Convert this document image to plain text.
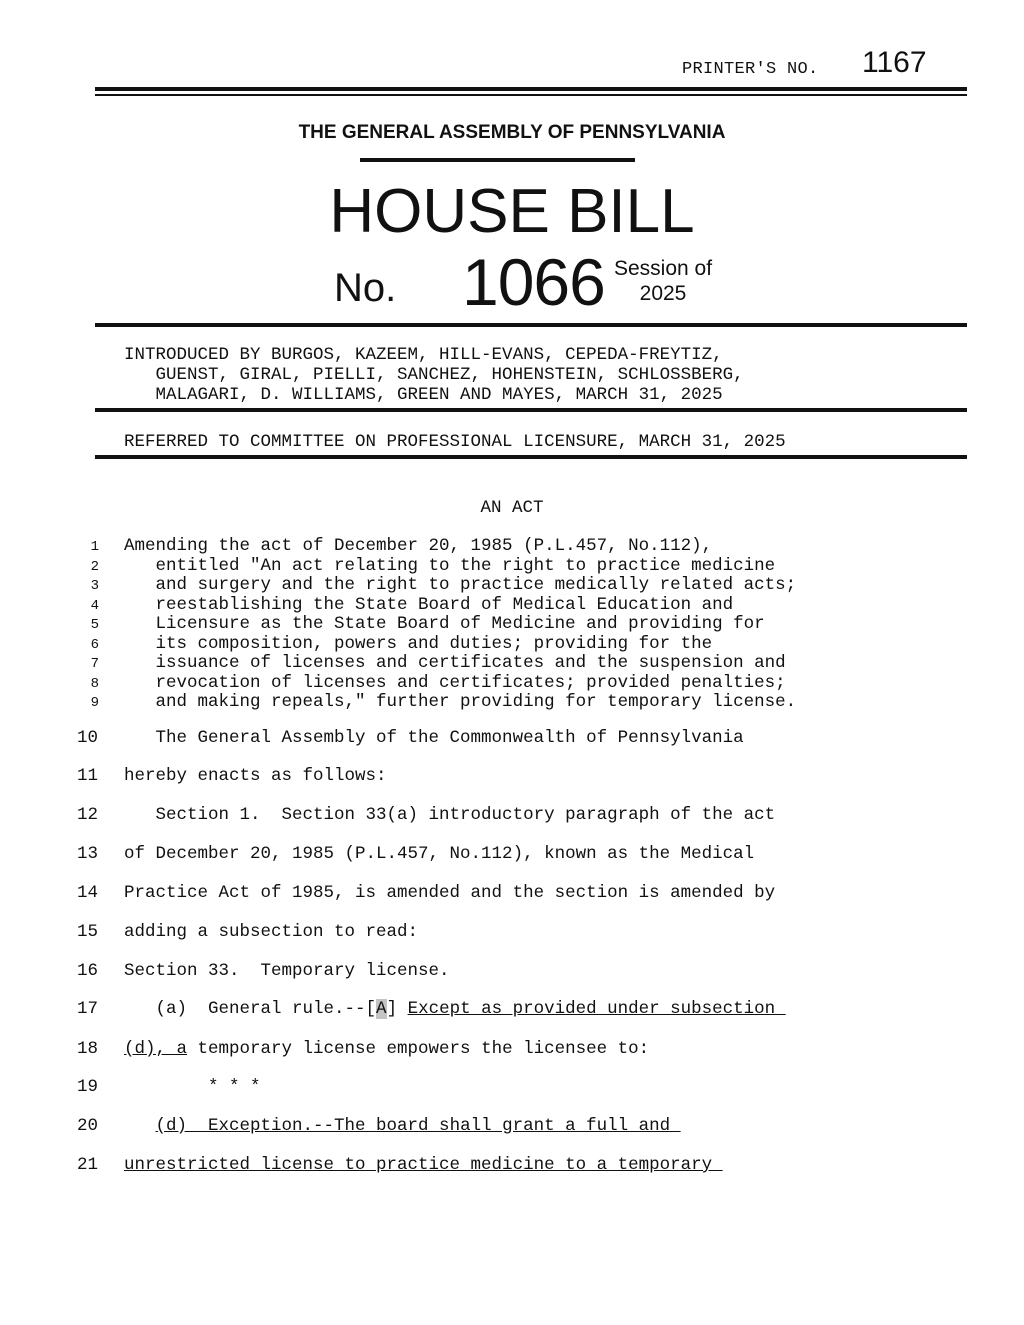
PRINTER'S NO. 1167
THE GENERAL ASSEMBLY OF PENNSYLVANIA
HOUSE BILL
No. 1066 Session of
2025
INTRODUCED BY BURGOS, KAZEEM, HILL-EVANS, CEPEDA-FREYTIZ,
GUENST, GIRAL, PIELLI, SANCHEZ, HOHENSTEIN, SCHLOSSBERG,
MALAGARI, D. WILLIAMS, GREEN AND MAYES, MARCH 31, 2025
REFERRED TO COMMITTEE ON PROFESSIONAL LICENSURE, MARCH 31, 2025
AN ACT
1 Amending the act of December 20, 1985 (P.L.457, No.112),
2 entitled "An act relating to the right to practice medicine
3 and surgery and the right to practice medically related acts;
4 reestablishing the State Board of Medical Education and
5 Licensure as the State Board of Medicine and providing for
6 its composition, powers and duties; providing for the
7 issuance of licenses and certificates and the suspension and
8 revocation of licenses and certificates; provided penalties;
9 and making repeals," further providing for temporary license.
10 The General Assembly of the Commonwealth of Pennsylvania
11 hereby enacts as follows:
12 Section 1.  Section 33(a) introductory paragraph of the act
13 of December 20, 1985 (P.L.457, No.112), known as the Medical
14 Practice Act of 1985, is amended and the section is amended by
15 adding a subsection to read:
16 Section 33.  Temporary license.
17 (a)  General rule.--[A] Except as provided under subsection
18 (d), a temporary license empowers the licensee to:
19 * * *
20	(d)  Exception.--The board shall grant a full and
21 unrestricted license to practice medicine to a temporary
